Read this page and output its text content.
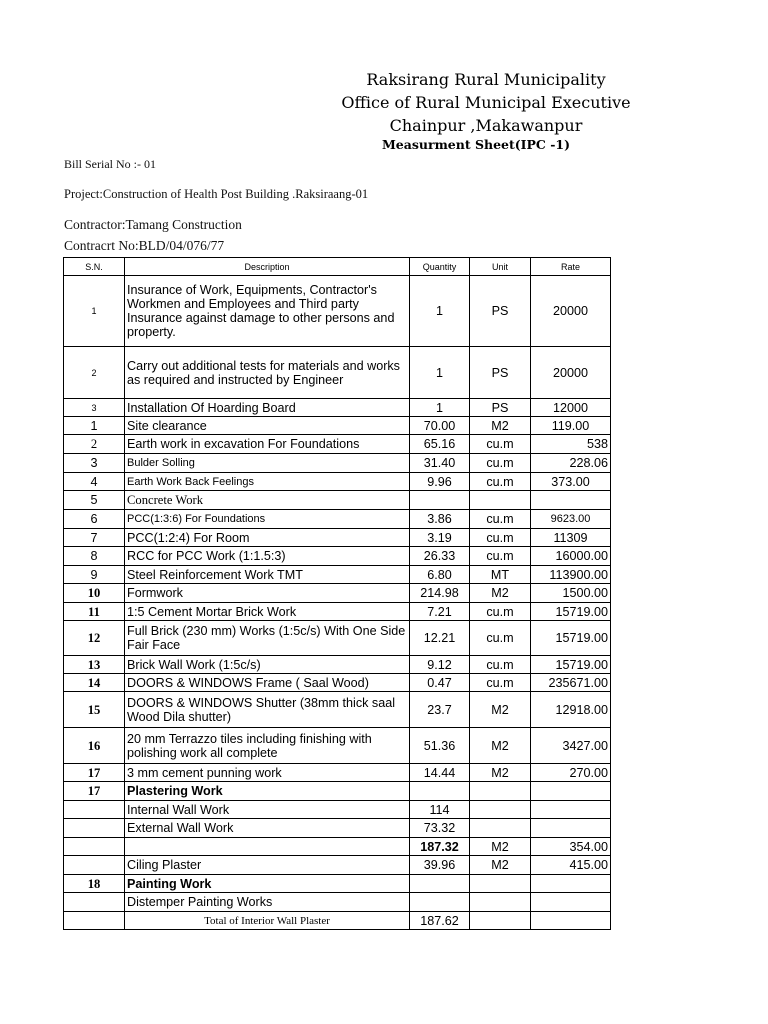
Raksirang Rural Municipality
Office of Rural Municipal Executive
Chainpur ,Makawanpur
Measurment Sheet(IPC -1)
Bill Serial No :- 01
Project:Construction of Health Post Building .Raksiraang-01
Contractor:Tamang Construction
Contracrt No:BLD/04/076/77
S.N.	Description	Quantity	Unit	Rate
1	Insurance of Work, Equipments, Contractor's Workmen and Employees and Third party Insurance against damage to other persons and property.	1	PS	20000
2	Carry out additional tests for materials and works as required and instructed by Engineer	1	PS	20000
3	Installation Of Hoarding Board	1	PS	12000
1	Site clearance	70.00	M2	119.00
2	Earth work in excavation For Foundations	65.16	cu.m	538
3	Bulder Solling	31.40	cu.m	228.06
4	Earth Work Back Feelings	9.96	cu.m	373.00
5	Concrete Work			
6	PCC(1:3:6) For Foundations	3.86	cu.m	9623.00
7	PCC(1:2:4) For Room	3.19	cu.m	11309
8	RCC for PCC Work (1:1.5:3)	26.33	cu.m	16000.00
9	Steel Reinforcement Work TMT	6.80	MT	113900.00
10	Formwork	214.98	M2	1500.00
11	1:5 Cement Mortar Brick Work	7.21	cu.m	15719.00
12	Full Brick (230 mm) Works (1:5c/s) With One Side Fair Face	12.21	cu.m	15719.00
13	Brick Wall Work (1:5c/s)	9.12	cu.m	15719.00
14	DOORS & WINDOWS Frame ( Saal Wood)	0.47	cu.m	235671.00
15	DOORS & WINDOWS Shutter (38mm thick saal Wood Dila shutter)	23.7	M2	12918.00
16	20 mm Terrazzo tiles including finishing with polishing work all complete	51.36	M2	3427.00
17	3 mm cement punning work	14.44	M2	270.00
17	Plastering Work			
	Internal Wall Work	114		
	External Wall Work	73.32		
		187.32	M2	354.00
	Ciling Plaster	39.96	M2	415.00
18	Painting Work			
	Distemper Painting Works			
	Total of Interior Wall Plaster	187.62		
